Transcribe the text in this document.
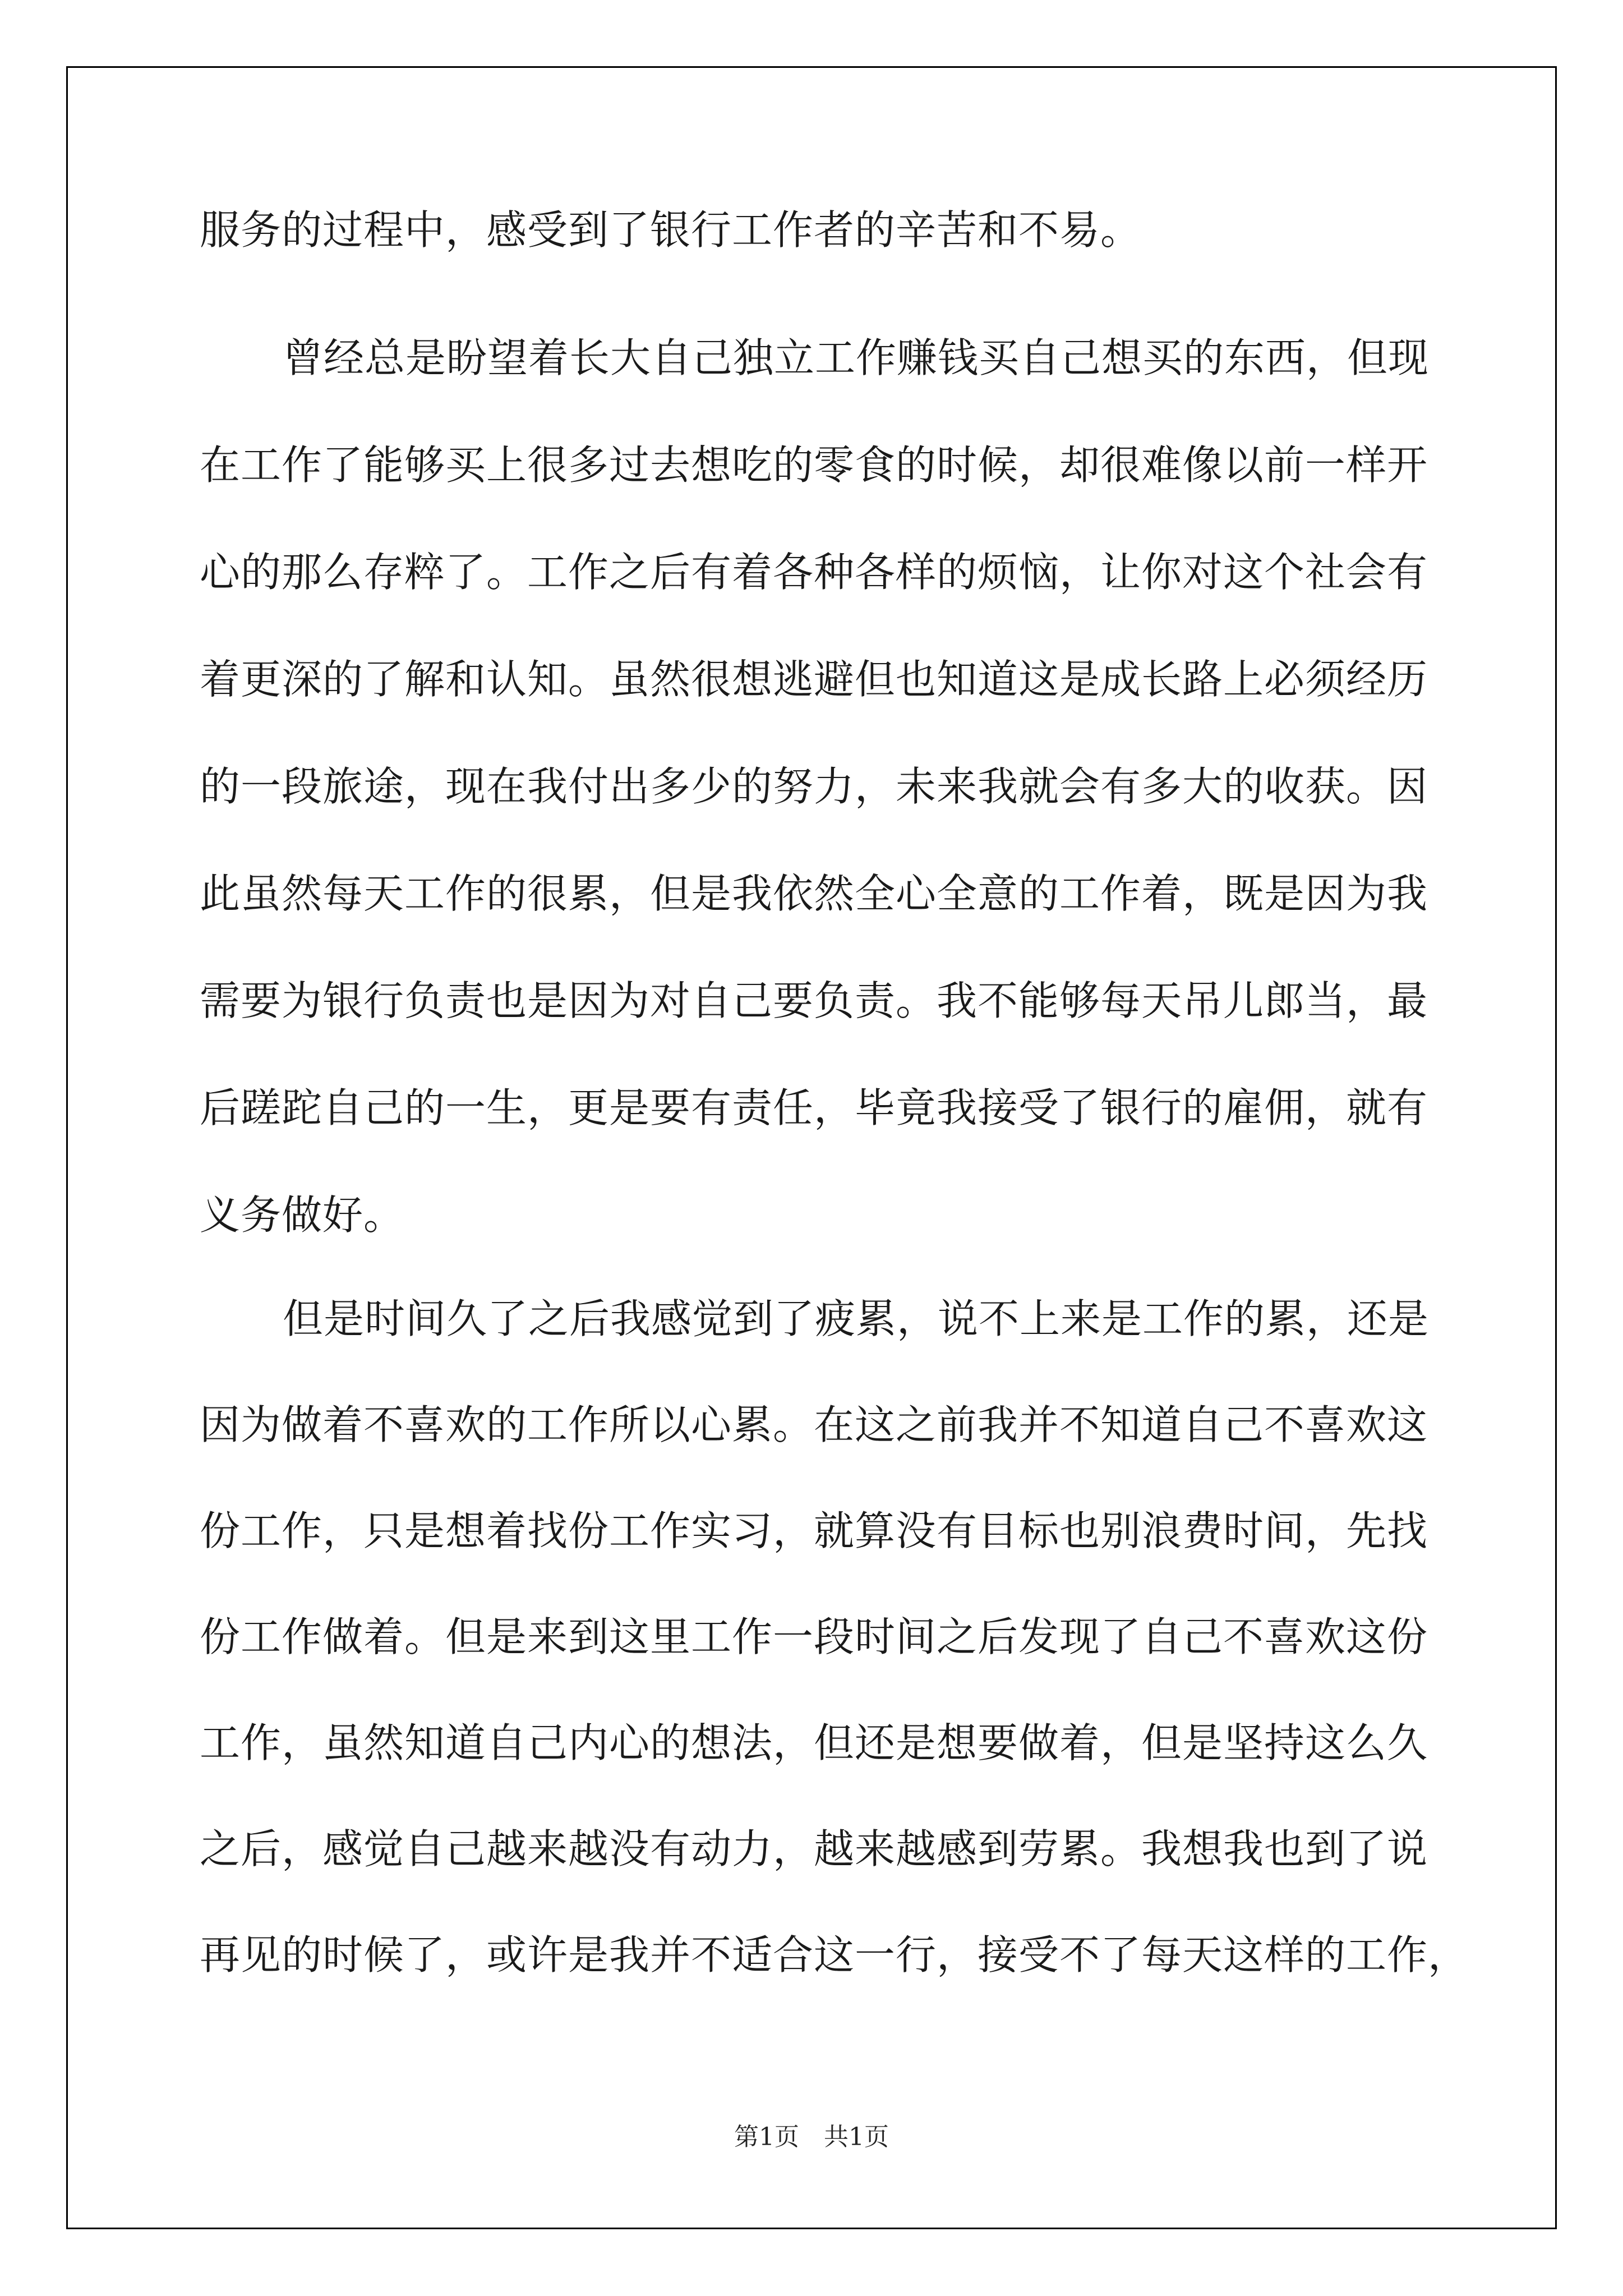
服务的过程中，感受到了银行工作者的辛苦和不易。
曾经总是盼望着长大自己独立工作赚钱买自己想买的东西，但现
在工作了能够买上很多过去想吃的零食的时候，却很难像以前一样开
心的那么存粹了。工作之后有着各种各样的烦恼，让你对这个社会有
着更深的了解和认知。虽然很想逃避但也知道这是成长路上必须经历
的一段旅途，现在我付出多少的努力，未来我就会有多大的收获。因
此虽然每天工作的很累，但是我依然全心全意的工作着，既是因为我
需要为银行负责也是因为对自己要负责。我不能够每天吊儿郎当，最
后蹉跎自己的一生，更是要有责任，毕竟我接受了银行的雇佣，就有
义务做好。
但是时间久了之后我感觉到了疲累，说不上来是工作的累，还是
因为做着不喜欢的工作所以心累。在这之前我并不知道自己不喜欢这
份工作，只是想着找份工作实习，就算没有目标也别浪费时间，先找
份工作做着。但是来到这里工作一段时间之后发现了自己不喜欢这份
工作，虽然知道自己内心的想法，但还是想要做着，但是坚持这么久
之后，感觉自己越来越没有动力，越来越感到劳累。我想我也到了说
再见的时候了，或许是我并不适合这一行，接受不了每天这样的工作，
第1页　共1页
